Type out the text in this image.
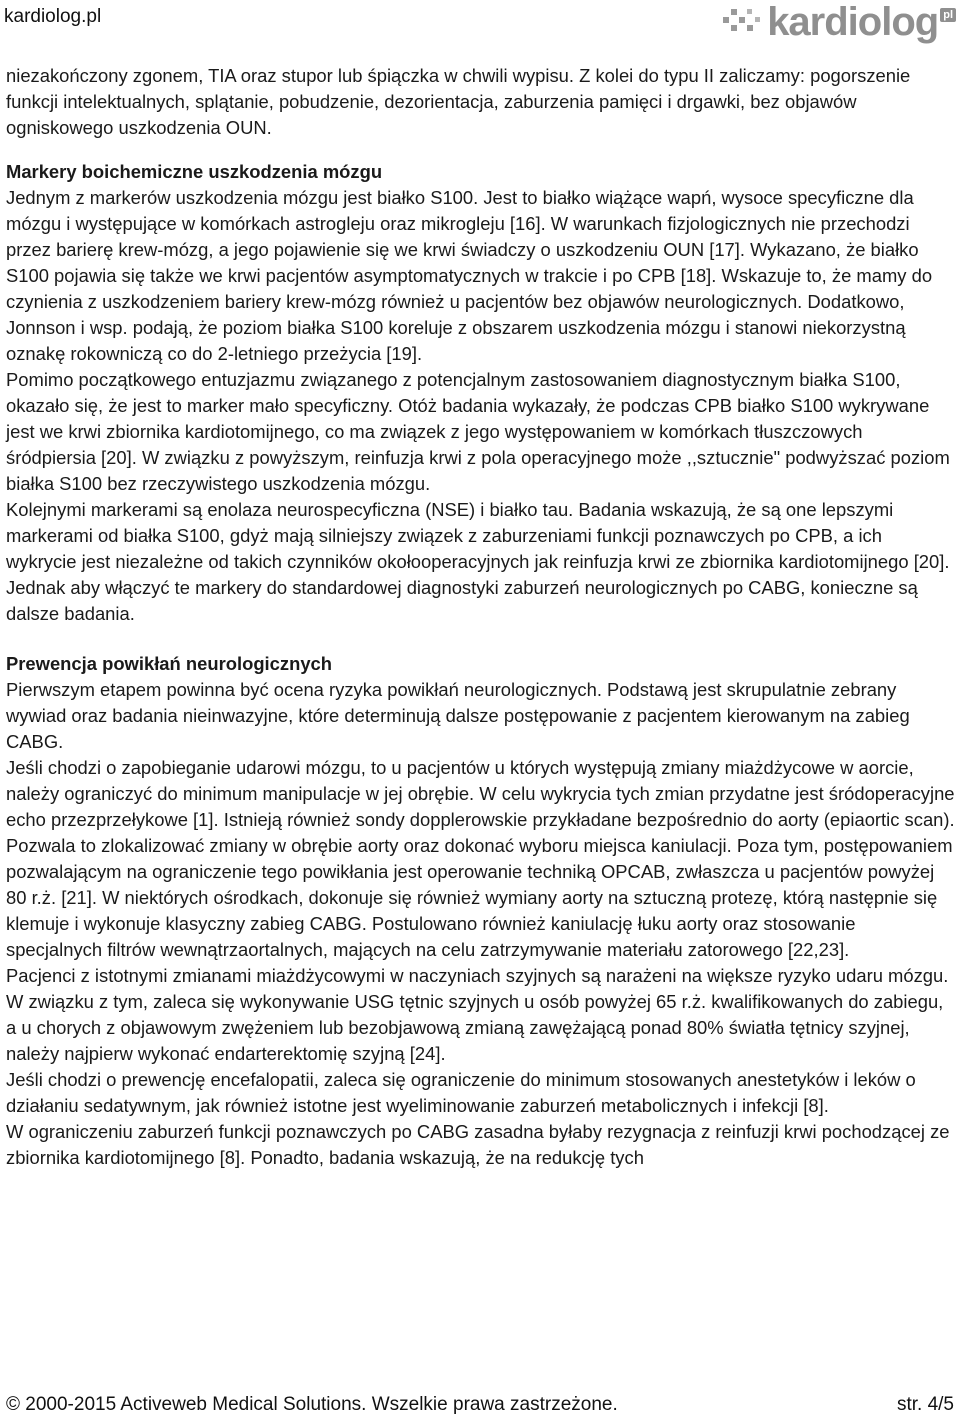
kardiolog.pl	kardiolog pl

niezakończony zgonem, TIA oraz stupor lub śpiączka w chwili wypisu. Z kolei do typu II zaliczamy: pogorszenie funkcji intelektualnych, splątanie, pobudzenie, dezorientacja, zaburzenia pamięci i drgawki, bez objawów ogniskowego uszkodzenia OUN.

Markery boichemiczne uszkodzenia mózgu

Jednym z markerów uszkodzenia mózgu jest białko S100. Jest to białko wiążące wapń, wysoce specyficzne dla mózgu i występujące w komórkach astrogleju oraz mikrogleju [16]. W warunkach fizjologicznych nie przechodzi przez barierę krew-mózg, a jego pojawienie się we krwi świadczy o uszkodzeniu OUN [17]. Wykazano, że białko S100 pojawia się także we krwi pacjentów asymptomatycznych w trakcie i po CPB [18]. Wskazuje to, że mamy do czynienia z uszkodzeniem bariery krew-mózg również u pacjentów bez objawów neurologicznych. Dodatkowo, Jonnson i wsp. podają, że poziom białka S100 koreluje z obszarem uszkodzenia mózgu i stanowi niekorzystną oznakę rokowniczą co do 2-letniego przeżycia [19].

Pomimo początkowego entuzjazmu związanego z potencjalnym zastosowaniem diagnostycznym białka S100, okazało się, że jest to marker mało specyficzny. Otóż badania wykazały, że podczas CPB białko S100 wykrywane jest we krwi zbiornika kardiotomijnego, co ma związek z jego występowaniem w komórkach tłuszczowych śródpiersia [20]. W związku z powyższym, reinfuzja krwi z pola operacyjnego może ,,sztucznie" podwyższać poziom białka S100 bez rzeczywistego uszkodzenia mózgu.

Kolejnymi markerami są enolaza neurospecyficzna (NSE) i białko tau. Badania wskazują, że są one lepszymi markerami od białka S100, gdyż mają silniejszy związek z zaburzeniami funkcji poznawczych po CPB, a ich wykrycie jest niezależne od takich czynników okołooperacyjnych jak reinfuzja krwi ze zbiornika kardiotomijnego [20]. Jednak aby włączyć te markery do standardowej diagnostyki zaburzeń neurologicznych po CABG, konieczne są dalsze badania.

Prewencja powikłań neurologicznych

Pierwszym etapem powinna być ocena ryzyka powikłań neurologicznych. Podstawą jest skrupulatnie zebrany wywiad oraz badania nieinwazyjne, które determinują dalsze postępowanie z pacjentem kierowanym na zabieg CABG.

Jeśli chodzi o zapobieganie udarowi mózgu, to u pacjentów u których występują zmiany miażdżycowe w aorcie, należy ograniczyć do minimum manipulacje w jej obrębie. W celu wykrycia tych zmian przydatne jest śródoperacyjne echo przezprzełykowe [1]. Istnieją również sondy dopplerowskie przykładane bezpośrednio do aorty (epiaortic scan). Pozwala to zlokalizować zmiany w obrębie aorty oraz dokonać wyboru miejsca kaniulacji. Poza tym, postępowaniem pozwalającym na ograniczenie tego powikłania jest operowanie techniką OPCAB, zwłaszcza u pacjentów powyżej 80 r.ż. [21]. W niektórych ośrodkach, dokonuje się również wymiany aorty na sztuczną protezę, którą następnie się klemuje i wykonuje klasyczny zabieg CABG. Postulowano również kaniulację łuku aorty oraz stosowanie specjalnych filtrów wewnątrzaortalnych, mających na celu zatrzymywanie materiału zatorowego [22,23].

Pacjenci z istotnymi zmianami miażdżycowymi w naczyniach szyjnych są narażeni na większe ryzyko udaru mózgu. W związku z tym, zaleca się wykonywanie USG tętnic szyjnych u osób powyżej 65 r.ż. kwalifikowanych do zabiegu, a u chorych z objawowym zwężeniem lub bezobjawową zmianą zawężającą ponad 80% światła tętnicy szyjnej, należy najpierw wykonać endarterektomię szyjną [24].

Jeśli chodzi o prewencję encefalopatii, zaleca się ograniczenie do minimum stosowanych anestetyków i leków o działaniu sedatywnym, jak również istotne jest wyeliminowanie zaburzeń metabolicznych i infekcji [8].

W ograniczeniu zaburzeń funkcji poznawczych po CABG zasadna byłaby rezygnacja z reinfuzji krwi pochodzącej ze zbiornika kardiotomijnego [8]. Ponadto, badania wskazują, że na redukcję tych

© 2000-2015 Activeweb Medical Solutions. Wszelkie prawa zastrzeżone.	str. 4/5
